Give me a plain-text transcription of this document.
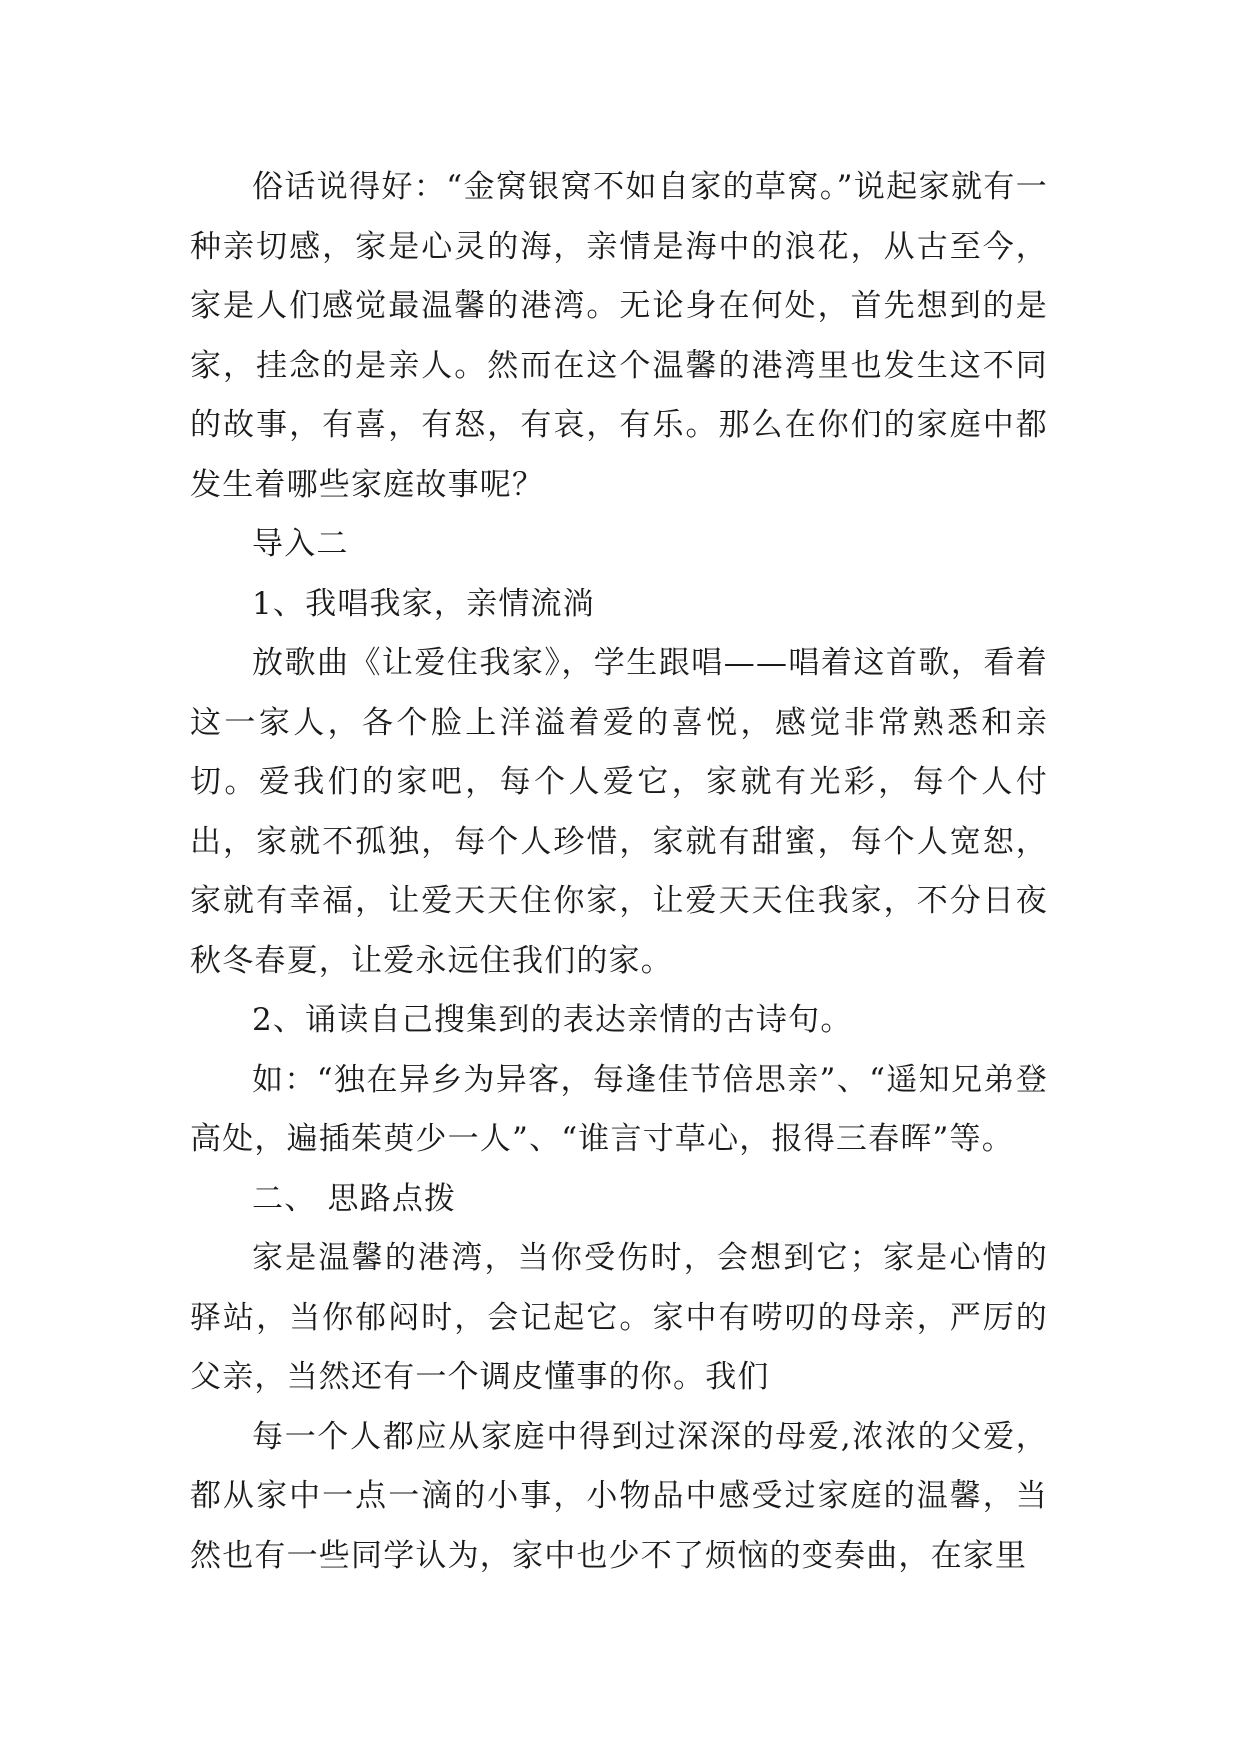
俗话说得好：“金窝银窝不如自家的草窝。”说起家就有一种亲切感，家是心灵的海，亲情是海中的浪花，从古至今，家是人们感觉最温馨的港湾。无论身在何处，首先想到的是家，挂念的是亲人。然而在这个温馨的港湾里也发生这不同的故事，有喜，有怒，有哀，有乐。那么在你们的家庭中都发生着哪些家庭故事呢？

导入二

1、我唱我家，亲情流淌

放歌曲《让爱住我家》，学生跟唱——唱着这首歌，看着这一家人，各个脸上洋溢着爱的喜悦，感觉非常熟悉和亲切。爱我们的家吧，每个人爱它，家就有光彩，每个人付出，家就不孤独，每个人珍惜，家就有甜蜜，每个人宽恕，家就有幸福，让爱天天住你家，让爱天天住我家，不分日夜秋冬春夏，让爱永远住我们的家。

2、诵读自己搜集到的表达亲情的古诗句。

如：“独在异乡为异客，每逢佳节倍思亲”、“遥知兄弟登高处，遍插茱萸少一人”、“谁言寸草心，报得三春晖”等。

二、 思路点拨

家是温馨的港湾，当你受伤时，会想到它；家是心情的驿站，当你郁闷时，会记起它。家中有唠叨的母亲，严厉的父亲，当然还有一个调皮懂事的你。我们

每一个人都应从家庭中得到过深深的母爱,浓浓的父爱，都从家中一点一滴的小事，小物品中感受过家庭的温馨，当然也有一些同学认为，家中也少不了烦恼的变奏曲，在家里
